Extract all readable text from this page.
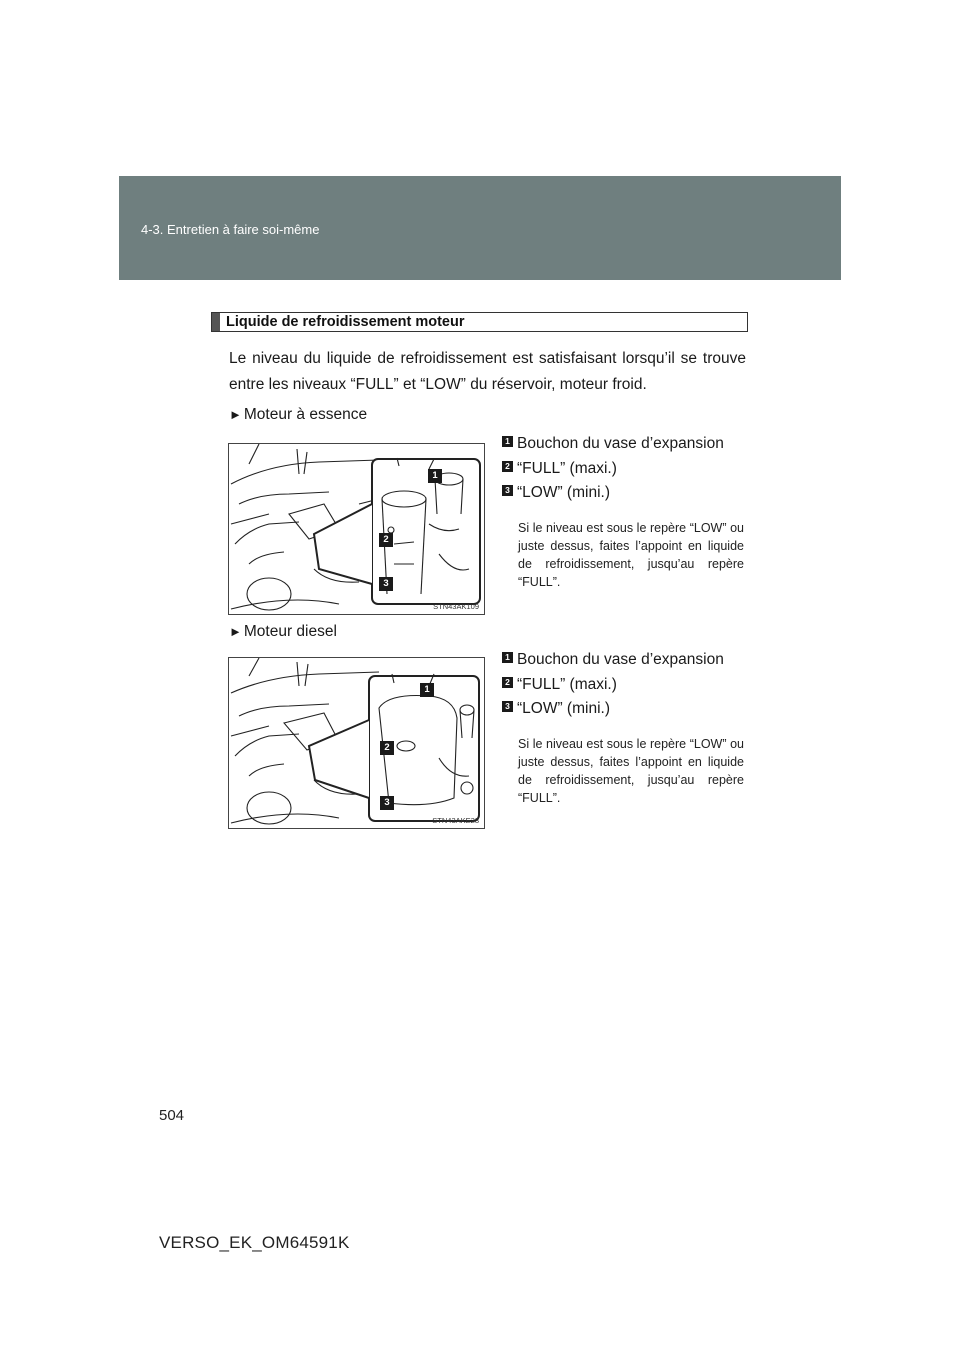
4-3. Entretien à faire soi-même
Liquide de refroidissement moteur
Le niveau du liquide de refroidissement est satisfaisant lorsqu’il se trouve entre les niveaux “FULL” et “LOW” du réservoir, moteur froid.
► Moteur à essence
1
2
3
STN43AK109
1 Bouchon du vase d’expansion
2 “FULL” (maxi.)
3 “LOW” (mini.)
Si le niveau est sous le repère “LOW” ou juste dessus, faites l’appoint en liquide de refroidissement, jusqu’au repère “FULL”.
► Moteur diesel
1
2
3
STN43AKE23
1 Bouchon du vase d’expansion
2 “FULL” (maxi.)
3 “LOW” (mini.)
Si le niveau est sous le repère “LOW” ou juste dessus, faites l’appoint en liquide de refroidissement, jusqu’au repère “FULL”.
504
VERSO_EK_OM64591K
